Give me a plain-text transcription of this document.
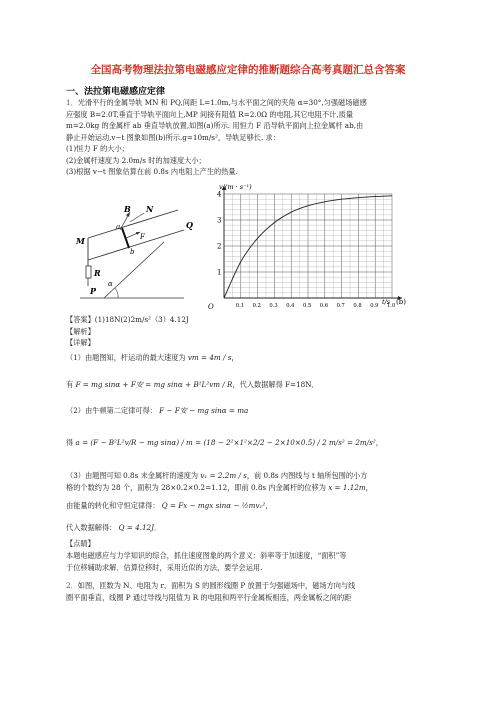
全国高考物理法拉第电磁感应定律的推断题综合高考真题汇总含答案
一、法拉第电磁感应定律
1．光滑平行的金属导轨 MN 和 PQ,间距 L=1.0m,与水平面之间的夹角 α=30°,匀强磁场磁感
应强度 B=2.0T,垂直于导轨平面向上,MP 间接有阻值 R=2.0Ω 的电阻,其它电阻不计,质量
m=2.0kg 的金属杆 ab 垂直导轨放置,如图(a)所示. 用恒力 F 沿导轨平面向上拉金属杆 ab,由
静止开始运动,v−t 图象如图(b)所示.g=10m/s²，导轨足够长. 求：
(1)恒力 F 的大小；
(2)金属杆速度为 2.0m/s 时的加速度大小；
(3)根据 v−t 图象估算在前 0.8s 内电阻上产生的热量.
B N
Q
M
P
R
a
b
F
α
1
2
3
4
0.1 0.2 0.3 0.4 0.5 0.6 0.7 0.8 0.9 1.0
v/(m · s⁻¹)
t/s
O
(b)
【答案】(1)18N(2)2m/s²（3）4.12J
【解析】
【详解】
（1）由题图知，杆运动的最大速度为 vm = 4m / s，
有 F = mg sinα + F安 = mg sinα + B²L²vm / R，代入数据解得 F=18N．
（2）由牛顿第二定律可得： F − F安 − mg sinα = ma
得 a = (F − B²L²v/R − mg sinα) / m = (18 − 2²×1²×2/2 − 2×10×0.5) / 2 m/s² = 2m/s²，
（3）由题图可知 0.8s 末金属杆的速度为 v₁ = 2.2m / s，前 0.8s 内图线与 t 轴所包围的小方
格的个数约为 28 个，面积为 28×0.2×0.2=1.12，即前 0.8s 内金属杆的位移为 x = 1.12m，
由能量的转化和守恒定律得： Q = Fx − mgx sinα − ½mv₁²，
代入数据解得： Q = 4.12J．
【点睛】
本题电磁感应与力学知识的综合，抓住速度图象的两个意义：斜率等于加速度，“面积”等
于位移辅助求解．估算位移时，采用近似的方法，要学会运用.
2．如图，匝数为 N、电阻为 r、面积为 S 的圆形线圈 P 放置于匀强磁场中，磁场方向与线
圈平面垂直，线圈 P 通过导线与阻值为 R 的电阻和两平行金属板相连，两金属板之间的距
